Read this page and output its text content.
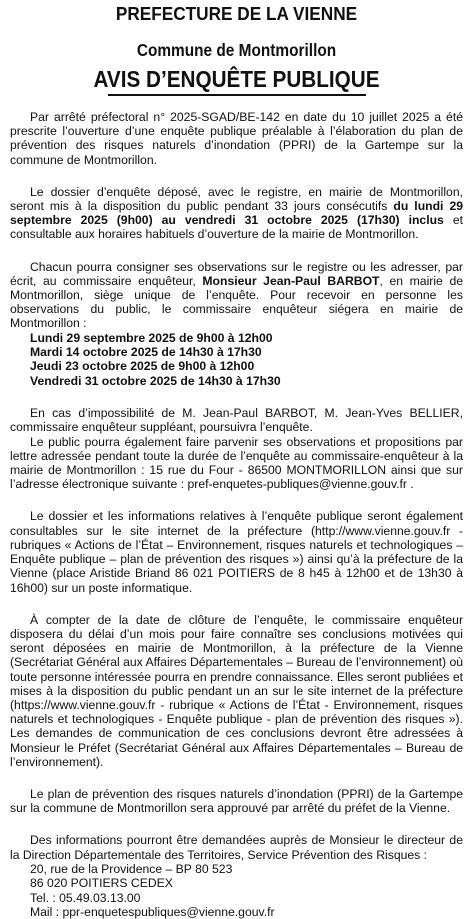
PREFECTURE DE LA VIENNE
Commune de Montmorillon
AVIS D’ENQUÊTE PUBLIQUE

Par arrêté préfectoral n° 2025-SGAD/BE-142 en date du 10 juillet 2025 a été prescrite l’ouverture d’une enquête publique préalable à l’élaboration du plan de prévention des risques naturels d’inondation (PPRI) de la Gartempe sur la commune de Montmorillon.

Le dossier d’enquête déposé, avec le registre, en mairie de Montmorillon, seront mis à la disposition du public pendant 33 jours consécutifs du lundi 29 septembre 2025 (9h00) au vendredi 31 octobre 2025 (17h30) inclus et consultable aux horaires habituels d’ouverture de la mairie de Montmorillon.

Chacun pourra consigner ses observations sur le registre ou les adresser, par écrit, au commissaire enquêteur, Monsieur Jean-Paul BARBOT, en mairie de Montmorillon, siège unique de l’enquête. Pour recevoir en personne les observations du public, le commissaire enquêteur siégera en mairie de Montmorillon :

Lundi 29 septembre 2025 de 9h00 à 12h00
Mardi 14 octobre 2025 de 14h30 à 17h30
Jeudi 23 octobre 2025 de 9h00 à 12h00
Vendredi 31 octobre 2025 de 14h30 à 17h30

En cas d’impossibilité de M. Jean-Paul BARBOT, M. Jean-Yves BELLIER, commissaire enquêteur suppléant, poursuivra l’enquête.

Le public pourra également faire parvenir ses observations et propositions par lettre adressée pendant toute la durée de l’enquête au commissaire-enquêteur à la mairie de Montmorillon : 15 rue du Four - 86500 MONTMORILLON ainsi que sur l’adresse électronique suivante : pref-enquetes-publiques@vienne.gouv.fr .

Le dossier et les informations relatives à l’enquête publique seront également consultables sur le site internet de la préfecture (http://www.vienne.gouv.fr - rubriques « Actions de l’État – Environnement, risques naturels et technologiques – Enquête publique – plan de prévention des risques ») ainsi qu’à la préfecture de la Vienne (place Aristide Briand 86 021 POITIERS de 8 h45 à 12h00 et de 13h30 à 16h00) sur un poste informatique.

À compter de la date de clôture de l’enquête, le commissaire enquêteur disposera du délai d’un mois pour faire connaître ses conclusions motivées qui seront déposées en mairie de Montmorillon, à la préfecture de la Vienne (Secrétariat Général aux Affaires Départementales – Bureau de l’environnement) où toute personne intéressée pourra en prendre connaissance. Elles seront publiées et mises à la disposition du public pendant un an sur le site internet de la préfecture (https://www.vienne.gouv.fr - rubrique « Actions de l’État - Environnement, risques naturels et technologiques - Enquête publique - plan de prévention des risques »). Les demandes de communication de ces conclusions devront être adressées à Monsieur le Préfet (Secrétariat Général aux Affaires Départementales – Bureau de l’environnement).

Le plan de prévention des risques naturels d’inondation (PPRI) de la Gartempe sur la commune de Montmorillon sera approuvé par arrêté du préfet de la Vienne.

Des informations pourront être demandées auprès de Monsieur le directeur de la Direction Départementale des Territoires, Service Prévention des Risques :

20, rue de la Providence – BP 80 523
86 020 POITIERS CEDEX
Tel. : 05.49.03.13.00
Mail : ppr-enquetespubliques@vienne.gouv.fr
